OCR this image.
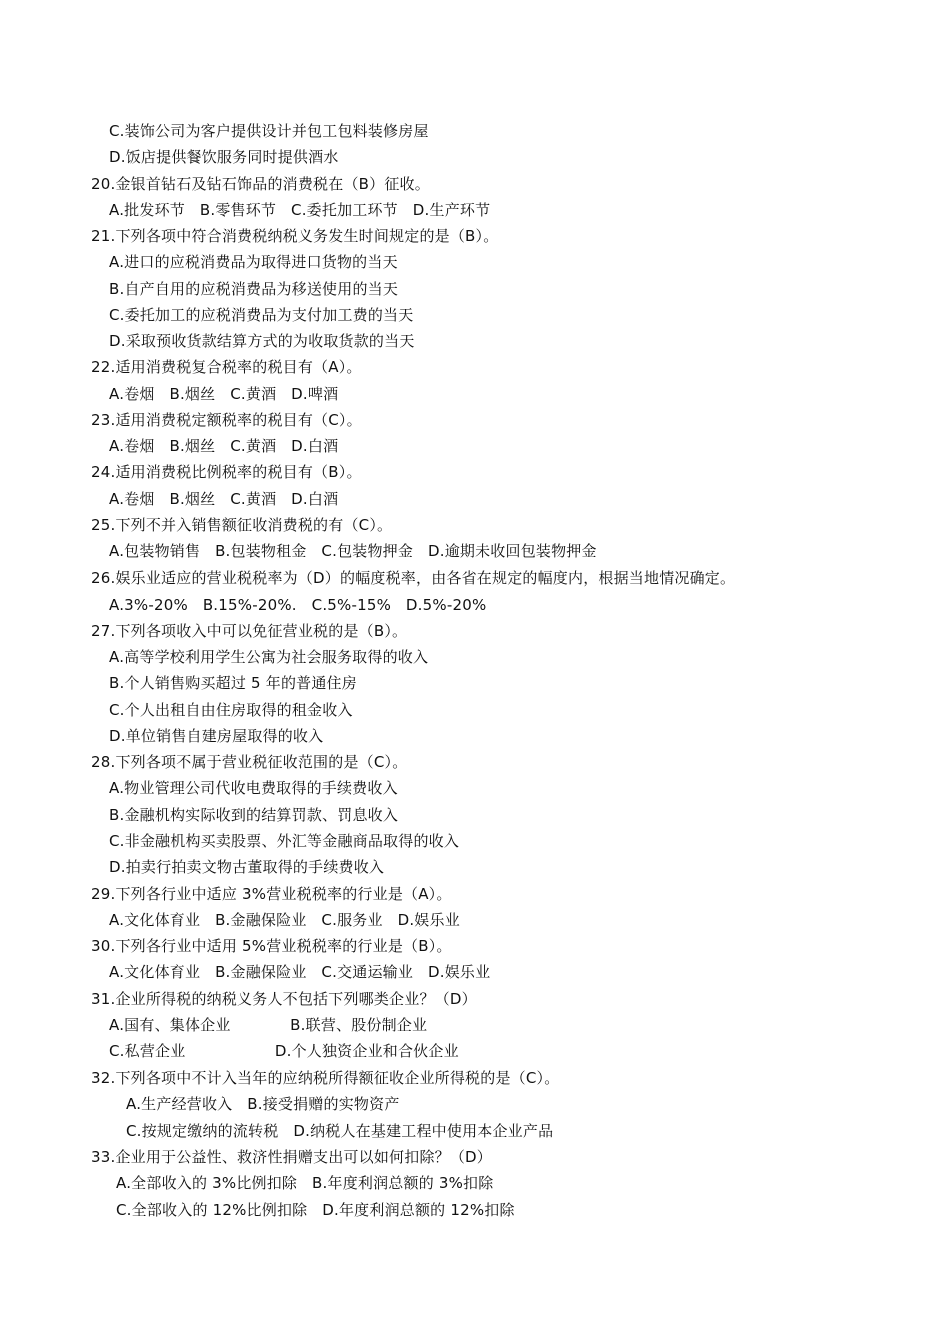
C.装饰公司为客户提供设计并包工包料装修房屋
D.饭店提供餐饮服务同时提供酒水
20.金银首钻石及钻石饰品的消费税在（B）征收。
A.批发环节   B.零售环节   C.委托加工环节   D.生产环节
21.下列各项中符合消费税纳税义务发生时间规定的是（B）。
A.进口的应税消费品为取得进口货物的当天
B.自产自用的应税消费品为移送使用的当天
C.委托加工的应税消费品为支付加工费的当天
D.采取预收货款结算方式的为收取货款的当天
22.适用消费税复合税率的税目有（A）。
A.卷烟   B.烟丝   C.黄酒   D.啤酒
23.适用消费税定额税率的税目有（C）。
A.卷烟   B.烟丝   C.黄酒   D.白酒
24.适用消费税比例税率的税目有（B）。
A.卷烟   B.烟丝   C.黄酒   D.白酒
25.下列不并入销售额征收消费税的有（C）。
A.包装物销售   B.包装物租金   C.包装物押金   D.逾期未收回包装物押金
26.娱乐业适应的营业税税率为（D）的幅度税率，由各省在规定的幅度内，根据当地情况确定。
A.3%-20%   B.15%-20%.   C.5%-15%   D.5%-20%
27.下列各项收入中可以免征营业税的是（B）。
A.高等学校利用学生公寓为社会服务取得的收入
B.个人销售购买超过 5 年的普通住房
C.个人出租自由住房取得的租金收入
D.单位销售自建房屋取得的收入
28.下列各项不属于营业税征收范围的是（C）。
A.物业管理公司代收电费取得的手续费收入
B.金融机构实际收到的结算罚款、罚息收入
C.非金融机构买卖股票、外汇等金融商品取得的收入
D.拍卖行拍卖文物古董取得的手续费收入
29.下列各行业中适应 3%营业税税率的行业是（A）。
A.文化体育业   B.金融保险业   C.服务业   D.娱乐业
30.下列各行业中适用 5%营业税税率的行业是（B）。
A.文化体育业   B.金融保险业   C.交通运输业   D.娱乐业
31.企业所得税的纳税义务人不包括下列哪类企业？（D）
A.国有、集体企业            B.联营、股份制企业
C.私营企业                  D.个人独资企业和合伙企业
32.下列各项中不计入当年的应纳税所得额征收企业所得税的是（C）。
A.生产经营收入   B.接受捐赠的实物资产
C.按规定缴纳的流转税   D.纳税人在基建工程中使用本企业产品
33.企业用于公益性、救济性捐赠支出可以如何扣除？（D）
A.全部收入的 3%比例扣除   B.年度利润总额的 3%扣除
C.全部收入的 12%比例扣除   D.年度利润总额的 12%扣除
